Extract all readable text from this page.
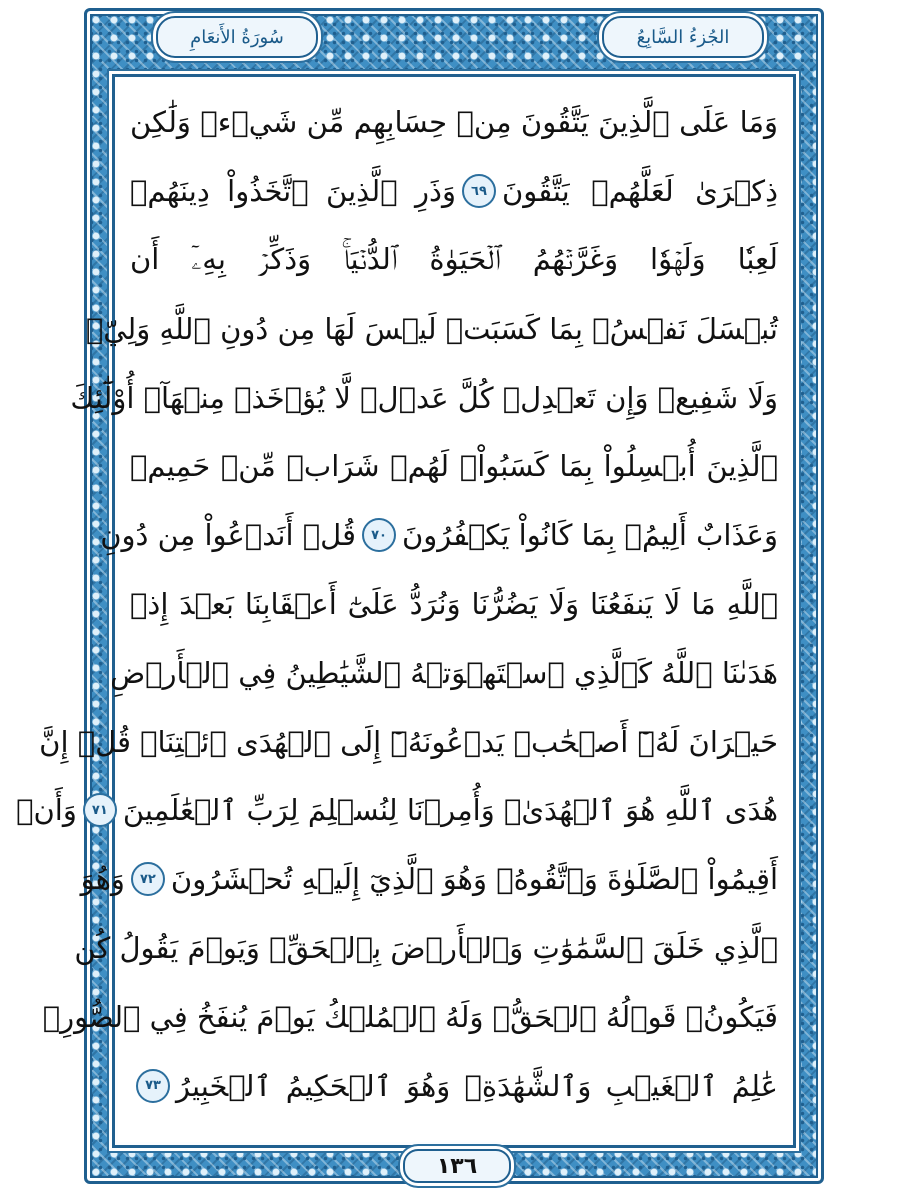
سُورَةُ الأَنعَامِ	الجُزءُ السَّابِعُ
وَمَا عَلَى ٱلَّذِينَ يَتَّقُونَ مِنۡ حِسَابِهِم مِّن شَيۡءٖ وَلَٰكِن
ذِكۡرَىٰ لَعَلَّهُمۡ يَتَّقُونَ
٦٩
وَذَرِ ٱلَّذِينَ ٱتَّخَذُواْ دِينَهُمۡ
لَعِبٗا وَلَهۡوٗا وَغَرَّتۡهُمُ ٱلۡحَيَوٰةُ ٱلدُّنۡيَاۚ وَذَكِّرۡ بِهِۦٓ أَن
تُبۡسَلَ نَفۡسُۢ بِمَا كَسَبَتۡ لَيۡسَ لَهَا مِن دُونِ ٱللَّهِ وَلِيّٞ
وَلَا شَفِيعٞ وَإِن تَعۡدِلۡ كُلَّ عَدۡلٖ لَّا يُؤۡخَذۡ مِنۡهَآۗ أُوْلَٰٓئِكَ
ٱلَّذِينَ أُبۡسِلُواْ بِمَا كَسَبُواْۖ لَهُمۡ شَرَابٞ مِّنۡ حَمِيمٖ
وَعَذَابٌ أَلِيمُۢ بِمَا كَانُواْ يَكۡفُرُونَ
٧٠
قُلۡ أَنَدۡعُواْ مِن دُونِ
ٱللَّهِ مَا لَا يَنفَعُنَا وَلَا يَضُرُّنَا وَنُرَدُّ عَلَىٰٓ أَعۡقَابِنَا بَعۡدَ إِذۡ
هَدَىٰنَا ٱللَّهُ كَٱلَّذِي ٱسۡتَهۡوَتۡهُ ٱلشَّيَٰطِينُ فِي ٱلۡأَرۡضِ
حَيۡرَانَ لَهُۥٓ أَصۡحَٰبٞ يَدۡعُونَهُۥٓ إِلَى ٱلۡهُدَى ٱئۡتِنَاۗ قُلۡ إِنَّ
هُدَى ٱللَّهِ هُوَ ٱلۡهُدَىٰۖ وَأُمِرۡنَا لِنُسۡلِمَ لِرَبِّ ٱلۡعَٰلَمِينَ
٧١
وَأَنۡ
أَقِيمُواْ ٱلصَّلَوٰةَ وَٱتَّقُوهُۚ وَهُوَ ٱلَّذِيٓ إِلَيۡهِ تُحۡشَرُونَ
٧٢
وَهُوَ
ٱلَّذِي خَلَقَ ٱلسَّمَٰوَٰتِ وَٱلۡأَرۡضَ بِٱلۡحَقِّۖ وَيَوۡمَ يَقُولُ كُن
فَيَكُونُۚ قَوۡلُهُ ٱلۡحَقُّۚ وَلَهُ ٱلۡمُلۡكُ يَوۡمَ يُنفَخُ فِي ٱلصُّورِۚ
عَٰلِمُ ٱلۡغَيۡبِ وَٱلشَّهَٰدَةِۚ وَهُوَ ٱلۡحَكِيمُ ٱلۡخَبِيرُ
٧٣
١٣٦
